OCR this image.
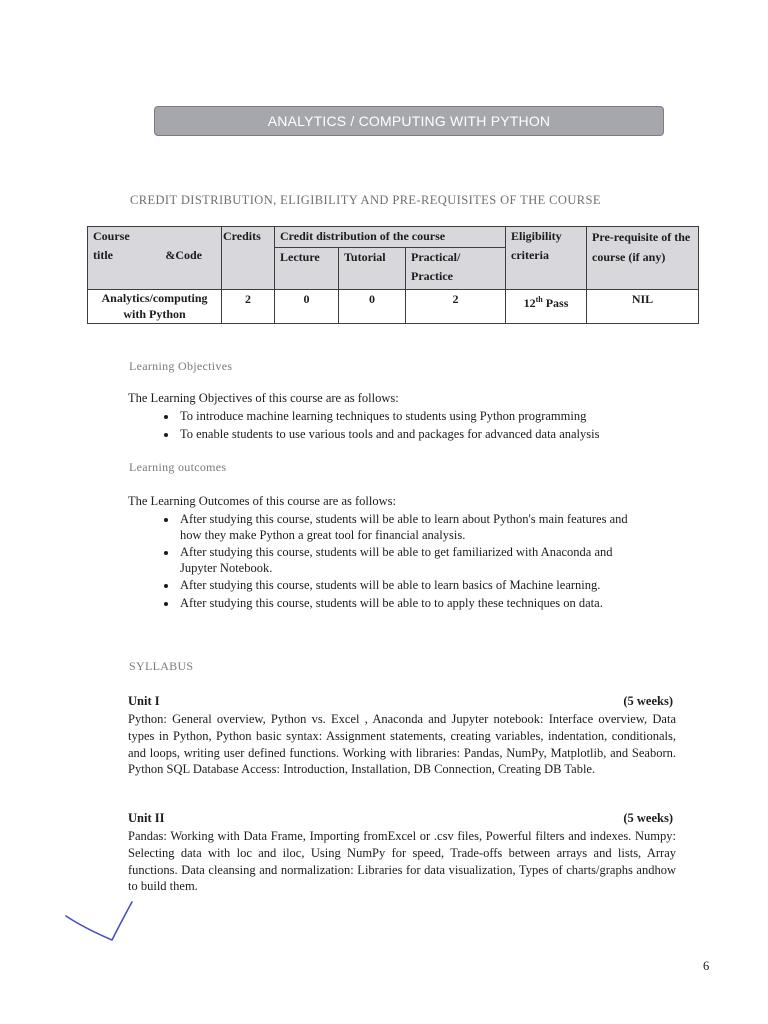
ANALYTICS / COMPUTING WITH PYTHON
CREDIT DISTRIBUTION, ELIGIBILITY AND PRE-REQUISITES OF THE COURSE
Course
title &Code	Credits	Credit distribution of the course			Eligibility criteria	Pre-requisite of the course (if any)
		Lecture	Tutorial	Practical/ Practice		
Analytics/computing with Python	2	0	0	2	12th Pass	NIL
Learning Objectives
The Learning Objectives of this course are as follows:
• To introduce machine learning techniques to students using Python programming
• To enable students to use various tools and and packages for advanced data analysis
Learning outcomes
The Learning Outcomes of this course are as follows:
• After studying this course, students will be able to learn about Python's main features and how they make Python a great tool for financial analysis.
• After studying this course, students will be able to get familiarized with Anaconda and Jupyter Notebook.
• After studying this course, students will be able to learn basics of Machine learning.
• After studying this course, students will be able to to apply these techniques on data.
SYLLABUS
Unit I	(5 weeks)
Python: General overview, Python vs. Excel , Anaconda and Jupyter notebook: Interface overview, Data types in Python, Python basic syntax: Assignment statements, creating variables, indentation, conditionals, and loops, writing user defined functions. Working with libraries: Pandas, NumPy, Matplotlib, and Seaborn. Python SQL Database Access: Introduction, Installation, DB Connection, Creating DB Table.
Unit II	(5 weeks)
Pandas: Working with Data Frame, Importing fromExcel or .csv files, Powerful filters and indexes. Numpy: Selecting data with loc and iloc, Using NumPy for speed, Trade-offs between arrays and lists, Array functions. Data cleansing and normalization: Libraries for data visualization, Types of charts/graphs andhow to build them.
6
